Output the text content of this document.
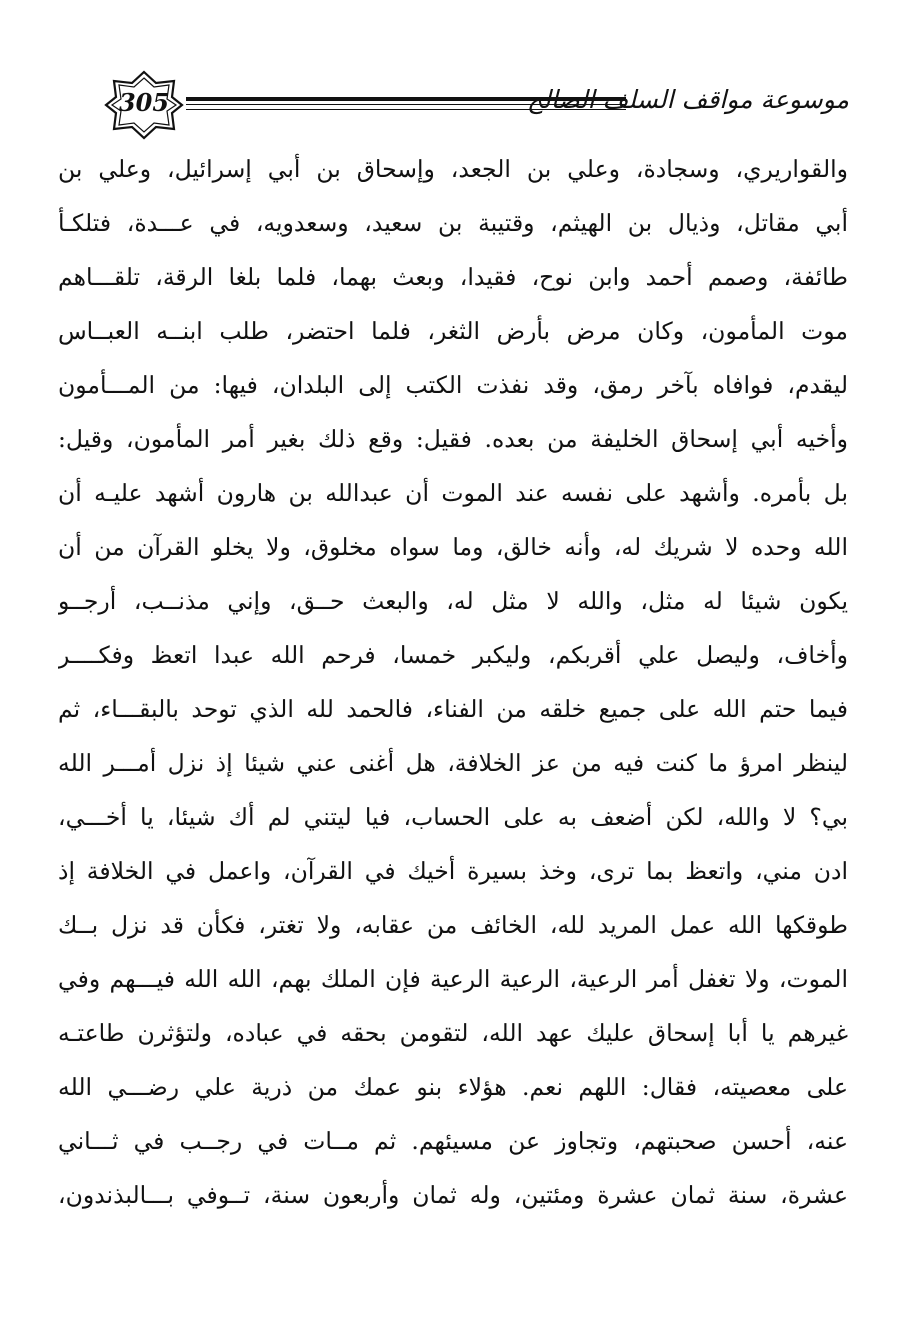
305	موسوعة مواقف السلف الصالح
والقواريري، وسجادة، وعلي بن الجعد، وإسحاق بن أبي إسرائيل، وعلي بن
أبي مقاتل، وذيال بن الهيثم، وقتيبة بن سعيد، وسعدويه، في عـــدة، فتلكـأ
طائفة، وصمم أحمد وابن نوح، فقيدا، وبعث بهما، فلما بلغا الرقة، تلقـــاهم
موت المأمون، وكان مرض بأرض الثغر، فلما احتضر، طلب ابنــه العبــاس
ليقدم، فوافاه بآخر رمق، وقد نفذت الكتب إلى البلدان، فيها: من المـــأمون
وأخيه أبي إسحاق الخليفة من بعده. فقيل: وقع ذلك بغير أمر المأمون، وقيل:
بل بأمره. وأشهد على نفسه عند الموت أن عبدالله بن هارون أشهد عليـه أن
الله وحده لا شريك له، وأنه خالق، وما سواه مخلوق، ولا يخلو القرآن من أن
يكون شيئا له مثل، والله لا مثل له، والبعث حــق، وإني مذنــب، أرجــو
وأخاف، وليصل علي أقربكم، وليكبر خمسا، فرحم الله عبدا اتعظ وفكــــر
فيما حتم الله على جميع خلقه من الفناء، فالحمد لله الذي توحد بالبقـــاء، ثم
لينظر امرؤ ما كنت فيه من عز الخلافة، هل أغنى عني شيئا إذ نزل أمـــر الله
بي؟ لا والله، لكن أضعف به على الحساب، فيا ليتني لم أك شيئا، يا أخـــي،
ادن مني، واتعظ بما ترى، وخذ بسيرة أخيك في القرآن، واعمل في الخلافة إذ
طوقكها الله عمل المريد لله، الخائف من عقابه، ولا تغتر، فكأن قد نزل بــك
الموت، ولا تغفل أمر الرعية، الرعية الرعية فإن الملك بهم، الله الله فيـــهم وفي
غيرهم يا أبا إسحاق عليك عهد الله، لتقومن بحقه في عباده، ولتؤثرن طاعتـه
على معصيته، فقال: اللهم نعم. هؤلاء بنو عمك من ذرية علي رضـــي الله
عنه، أحسن صحبتهم، وتجاوز عن مسيئهم. ثم مــات في رجــب في ثـــاني
عشرة، سنة ثمان عشرة ومئتين، وله ثمان وأربعون سنة، تــوفي بـــالبذندون،
